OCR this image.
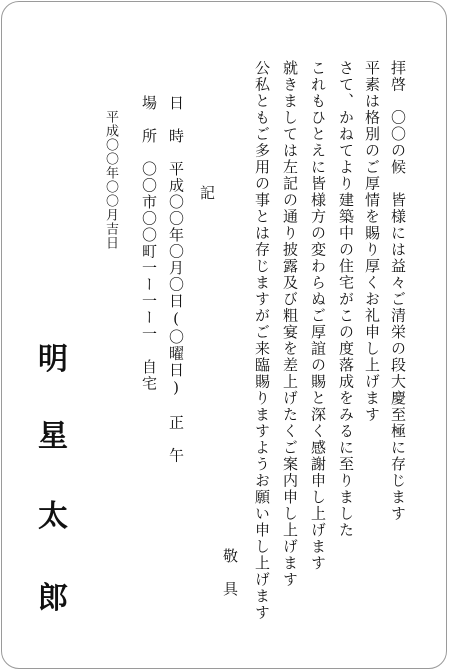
拝啓　〇〇の候　皆様には益々ご清栄の段大慶至極に存じます
平素は格別のご厚情を賜り厚くお礼申し上げます
さて、かねてより建築中の住宅がこの度落成をみるに至りました
これもひとえに皆様方の変わらぬご厚誼の賜と深く感謝申し上げます
就きましては左記の通り披露及び粗宴を差上げたくご案内申し上げます
公私ともご多用の事とは存じますがご来臨賜りますようお願い申し上げます
敬　具
記
日　時　平成〇〇年〇月〇日(〇曜日)　正　午
場　所　〇〇市〇〇町一ー一ー一　自宅
平成〇〇年〇〇月吉日
明
星
太
郎
